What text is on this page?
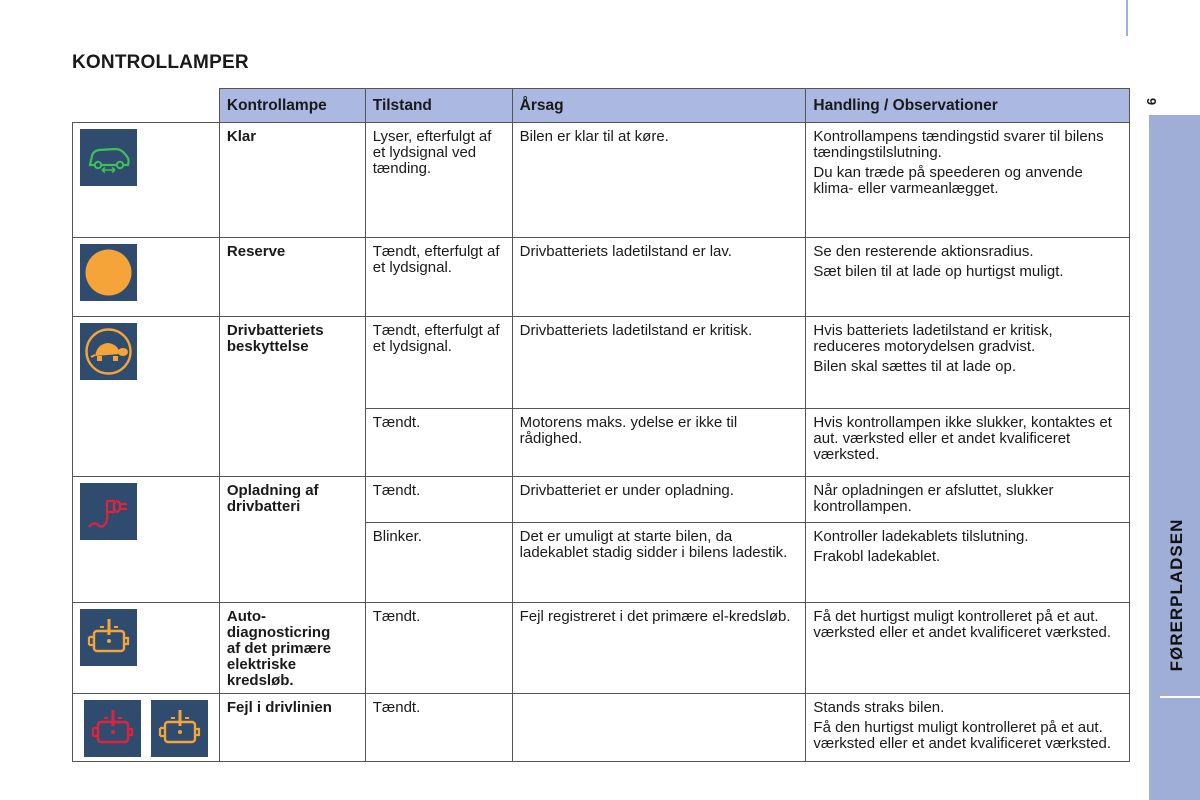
KONTROLLAMPER
9
FØRERPLADSEN
	Kontrollampe	Tilstand	Årsag	Handling / Observationer

	Klar	Lyser, efterfulgt af et lydsignal ved tænding.	Bilen er klar til at køre.	Kontrollampens tændingstid svarer til bilens tændingstilslutning.
Du kan træde på speederen og anvende klima- eller varmeanlægget.

	Reserve	Tændt, efterfulgt af et lydsignal.	Drivbatteriets ladetilstand er lav.	Se den resterende aktionsradius.
Sæt bilen til at lade op hurtigst muligt.

	Drivbatteriets beskyttelse	Tændt, efterfulgt af et lydsignal.	Drivbatteriets ladetilstand er kritisk.	Hvis batteriets ladetilstand er kritisk, reduceres motorydelsen gradvist.
Bilen skal sættes til at lade op.

		Tændt.	Motorens maks. ydelse er ikke til rådighed.	Hvis kontrollampen ikke slukker, kontaktes et aut. værksted eller et andet kvalificeret værksted.

	Opladning af drivbatteri	Tændt.	Drivbatteriet er under opladning.	Når opladningen er afsluttet, slukker kontrollampen.

		Blinker.	Det er umuligt at starte bilen, da ladekablet stadig sidder i bilens ladestik.	Kontroller ladekablets tilslutning.
Frakobl ladekablet.

	Auto-
diagnosticring
af det primære
elektriske kredsløb.	Tændt.	Fejl registreret i det primære el-kredsløb.	Få det hurtigst muligt kontrolleret på et aut. værksted eller et andet kvalificeret værksted.

	Fejl i drivlinien	Tændt.		Stands straks bilen.
Få den hurtigst muligt kontrolleret på et aut. værksted eller et andet kvalificeret værksted.
